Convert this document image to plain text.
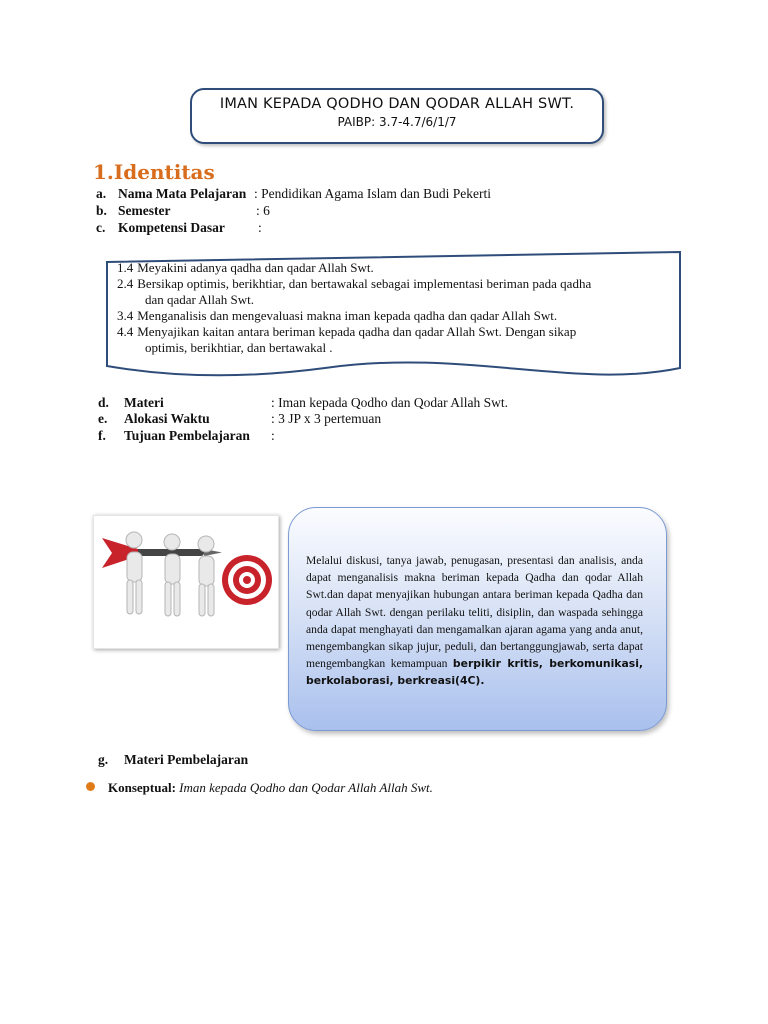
IMAN KEPADA QODHO DAN QODAR ALLAH SWT.
PAIBP: 3.7-4.7/6/1/7
1.Identitas
a. Nama Mata Pelajaran : Pendidikan Agama Islam dan Budi Pekerti
b. Semester	: 6
c. Kompetensi Dasar :
1.4 Meyakini adanya qadha dan qadar Allah Swt.
2.4 Bersikap optimis, berikhtiar, dan bertawakal sebagai implementasi beriman pada qadha
dan qadar Allah Swt.
3.4 Menganalisis dan mengevaluasi makna iman kepada qadha dan qadar Allah Swt.
4.4 Menyajikan kaitan antara beriman kepada qadha dan qadar Allah Swt. Dengan sikap
optimis, berikhtiar, dan bertawakal .
d. Materi	: Iman kepada Qodho dan Qodar Allah Swt.
e. Alokasi Waktu	: 3 JP x 3 pertemuan
f. Tujuan Pembelajaran :
Melalui diskusi, tanya jawab, penugasan, presentasi dan analisis, anda dapat menganalisis makna beriman kepada Qadha dan qodar Allah Swt.dan dapat menyajikan hubungan antara beriman kepada Qadha dan qodar Allah Swt. dengan perilaku teliti, disiplin, dan waspada sehingga anda dapat menghayati dan mengamalkan ajaran agama yang anda anut, mengembangkan sikap jujur, peduli, dan bertanggungjawab, serta dapat mengembangkan kemampuan berpikir kritis, berkomunikasi, berkolaborasi, berkreasi(4C).
g. Materi Pembelajaran
Konseptual: Iman kepada Qodho dan Qodar Allah Allah Swt.
